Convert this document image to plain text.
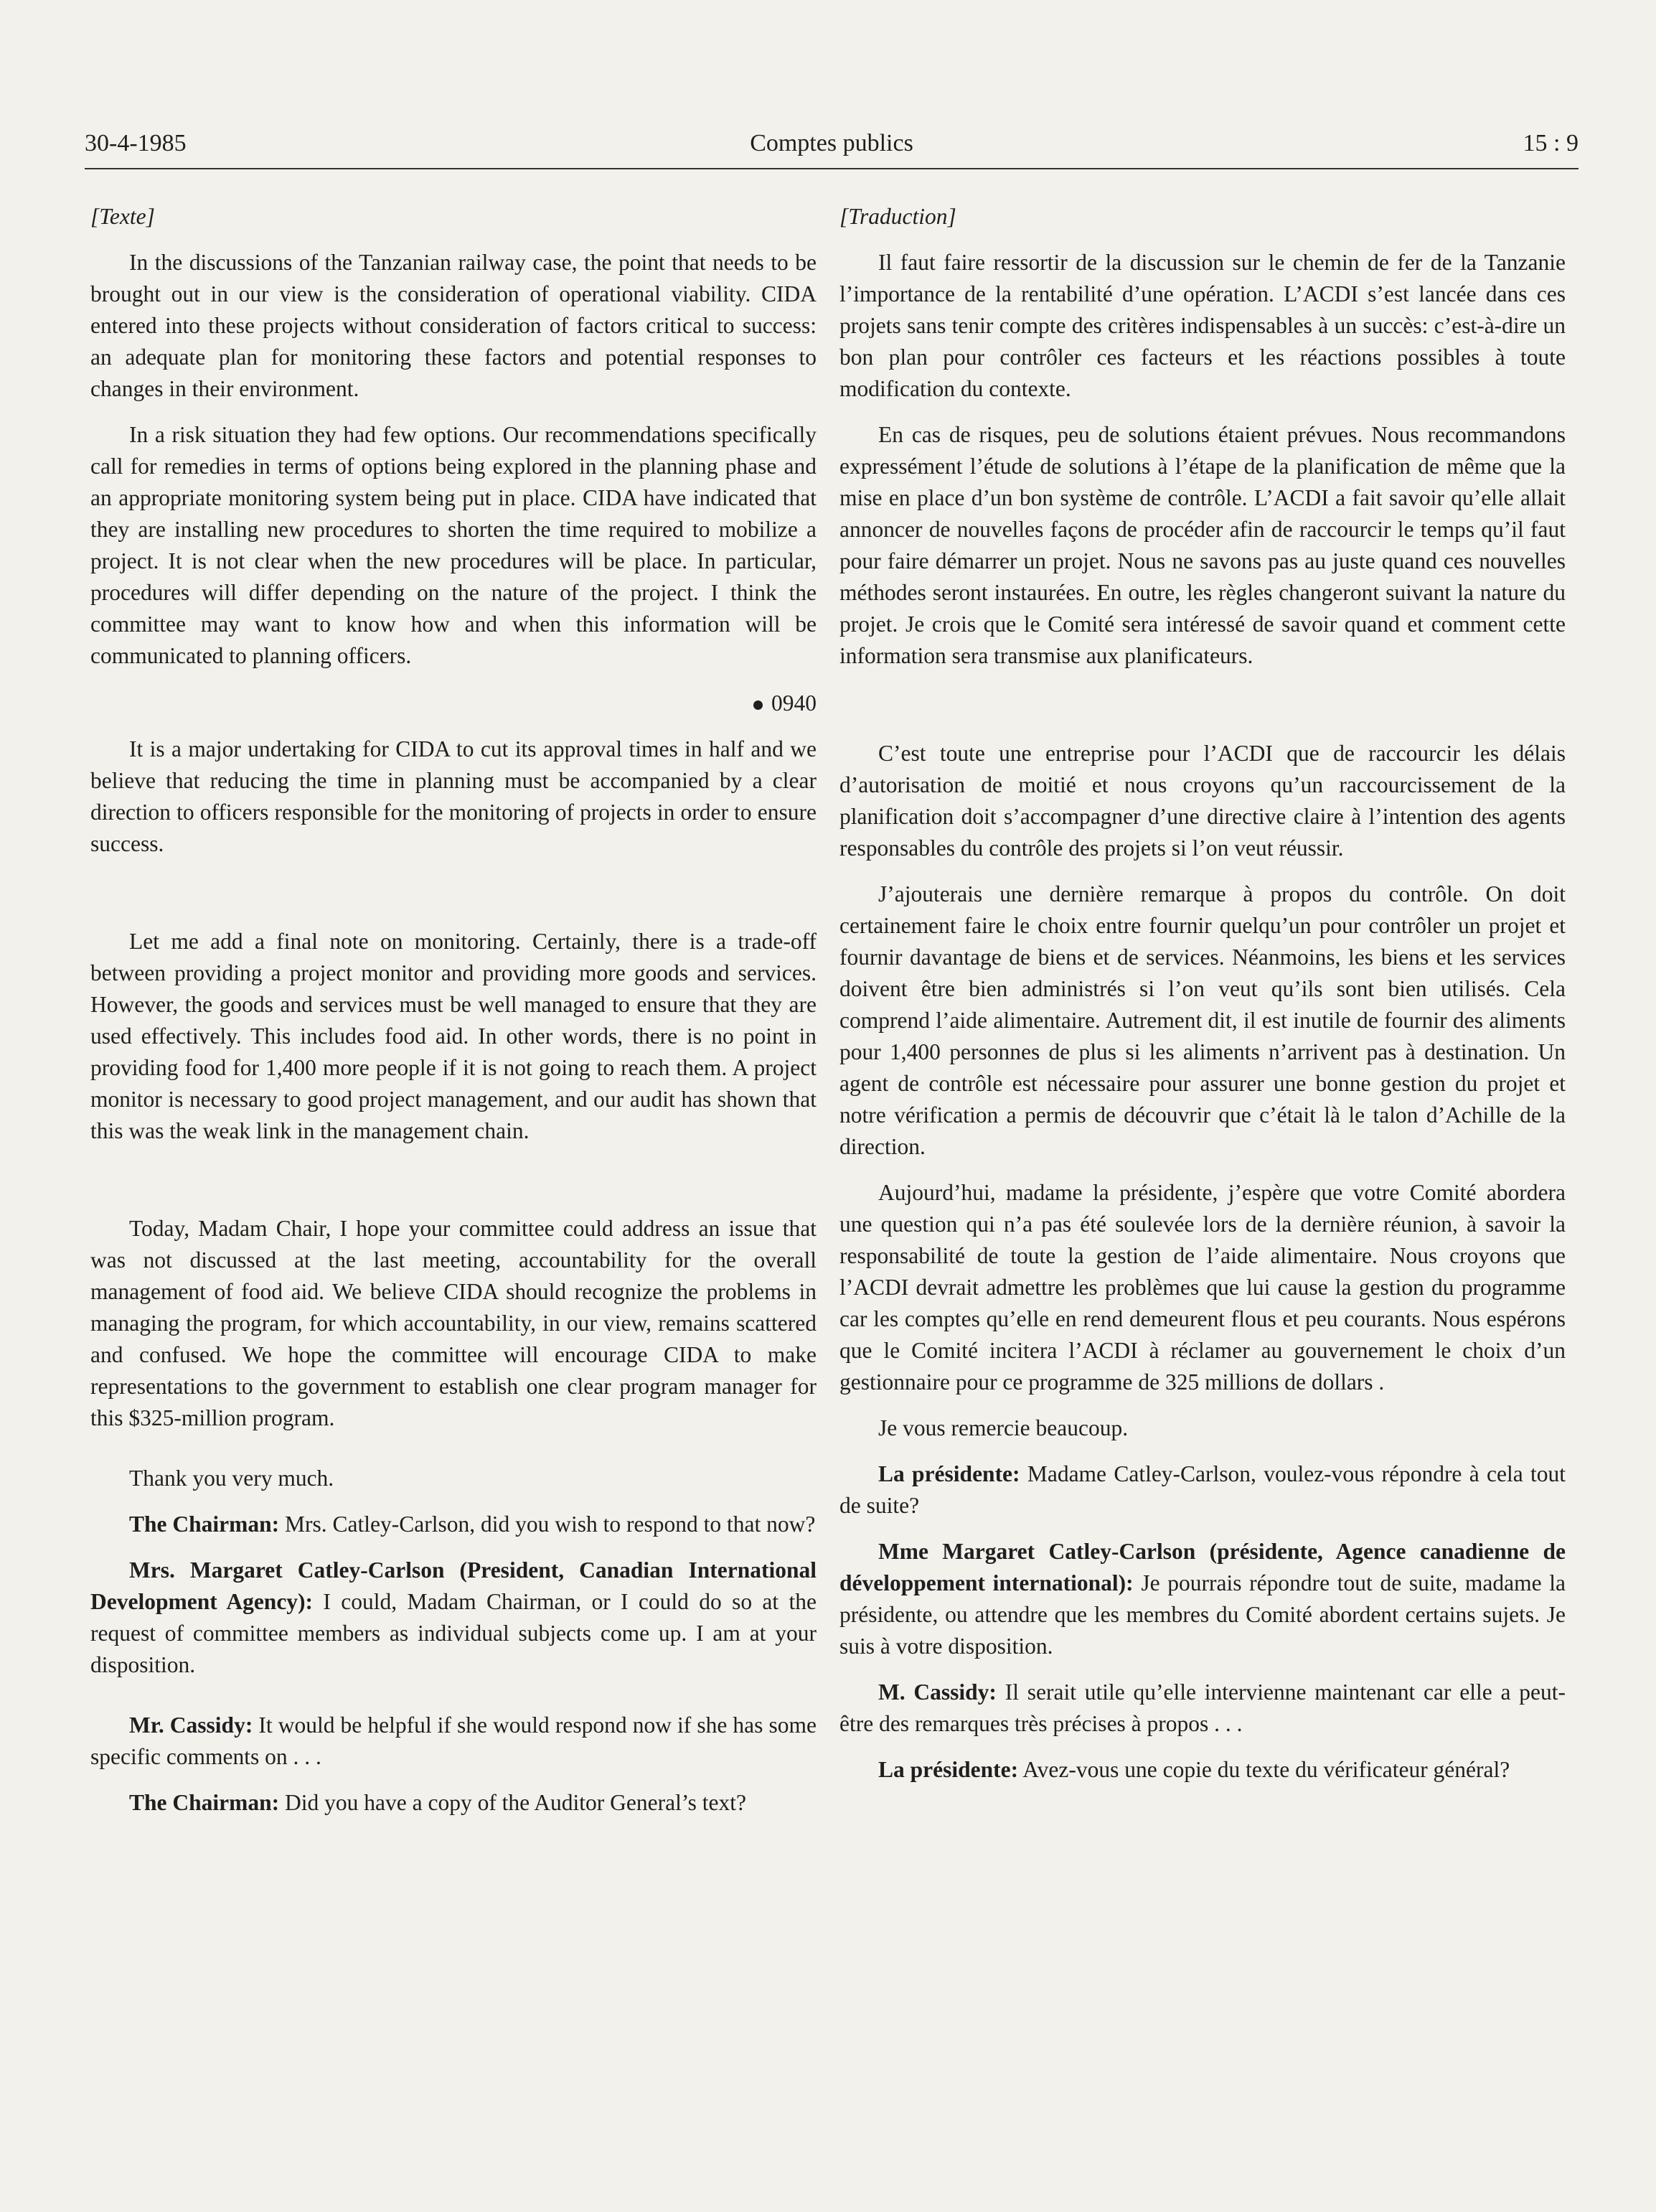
Comptes publics
30-4-1985	15 : 9

[Texte]

In the discussions of the Tanzanian railway case, the point that needs to be brought out in our view is the consideration of operational viability. CIDA entered into these projects without consideration of factors critical to success: an adequate plan for monitoring these factors and potential responses to changes in their environment.

In a risk situation they had few options. Our recommendations specifically call for remedies in terms of options being explored in the planning phase and an appropriate monitoring system being put in place. CIDA have indicated that they are installing new procedures to shorten the time required to mobilize a project. It is not clear when the new procedures will be place. In particular, procedures will differ depending on the nature of the project. I think the committee may want to know how and when this information will be communicated to planning officers.

0940

It is a major undertaking for CIDA to cut its approval times in half and we believe that reducing the time in planning must be accompanied by a clear direction to officers responsible for the monitoring of projects in order to ensure success.

Let me add a final note on monitoring. Certainly, there is a trade-off between providing a project monitor and providing more goods and services. However, the goods and services must be well managed to ensure that they are used effectively. This includes food aid. In other words, there is no point in providing food for 1,400 more people if it is not going to reach them. A project monitor is necessary to good project management, and our audit has shown that this was the weak link in the management chain.

Today, Madam Chair, I hope your committee could address an issue that was not discussed at the last meeting, accountability for the overall management of food aid. We believe CIDA should recognize the problems in managing the program, for which accountability, in our view, remains scattered and confused. We hope the committee will encourage CIDA to make representations to the government to establish one clear program manager for this $325-million program.

Thank you very much.

The Chairman: Mrs. Catley-Carlson, did you wish to respond to that now?

Mrs. Margaret Catley-Carlson (President, Canadian International Development Agency): I could, Madam Chairman, or I could do so at the request of committee members as individual subjects come up. I am at your disposition.

Mr. Cassidy: It would be helpful if she would respond now if she has some specific comments on . . .

The Chairman: Did you have a copy of the Auditor General’s text?

[Traduction]

Il faut faire ressortir de la discussion sur le chemin de fer de la Tanzanie l’importance de la rentabilité d’une opération. L’ACDI s’est lancée dans ces projets sans tenir compte des critères indispensables à un succès: c’est-à-dire un bon plan pour contrôler ces facteurs et les réactions possibles à toute modification du contexte.

En cas de risques, peu de solutions étaient prévues. Nous recommandons expressément l’étude de solutions à l’étape de la planification de même que la mise en place d’un bon système de contrôle. L’ACDI a fait savoir qu’elle allait annoncer de nouvelles façons de procéder afin de raccourcir le temps qu’il faut pour faire démarrer un projet. Nous ne savons pas au juste quand ces nouvelles méthodes seront instaurées. En outre, les règles changeront suivant la nature du projet. Je crois que le Comité sera intéressé de savoir quand et comment cette information sera transmise aux planificateurs.

C’est toute une entreprise pour l’ACDI que de raccourcir les délais d’autorisation de moitié et nous croyons qu’un raccourcissement de la planification doit s’accompagner d’une directive claire à l’intention des agents responsables du contrôle des projets si l’on veut réussir.

J’ajouterais une dernière remarque à propos du contrôle. On doit certainement faire le choix entre fournir quelqu’un pour contrôler un projet et fournir davantage de biens et de services. Néanmoins, les biens et les services doivent être bien administrés si l’on veut qu’ils sont bien utilisés. Cela comprend l’aide alimentaire. Autrement dit, il est inutile de fournir des aliments pour 1,400 personnes de plus si les aliments n’arrivent pas à destination. Un agent de contrôle est nécessaire pour assurer une bonne gestion du projet et notre vérification a permis de découvrir que c’était là le talon d’Achille de la direction.

Aujourd’hui, madame la présidente, j’espère que votre Comité abordera une question qui n’a pas été soulevée lors de la dernière réunion, à savoir la responsabilité de toute la gestion de l’aide alimentaire. Nous croyons que l’ACDI devrait admettre les problèmes que lui cause la gestion du programme car les comptes qu’elle en rend demeurent flous et peu courants. Nous espérons que le Comité incitera l’ACDI à réclamer au gouvernement le choix d’un gestionnaire pour ce programme de 325 millions de dollars .

Je vous remercie beaucoup.

La présidente: Madame Catley-Carlson, voulez-vous répondre à cela tout de suite?

Mme Margaret Catley-Carlson (présidente, Agence canadienne de développement international): Je pourrais répondre tout de suite, madame la présidente, ou attendre que les membres du Comité abordent certains sujets. Je suis à votre disposition.

M. Cassidy: Il serait utile qu’elle intervienne maintenant car elle a peut-être des remarques très précises à propos . . .

La présidente: Avez-vous une copie du texte du vérificateur général?
